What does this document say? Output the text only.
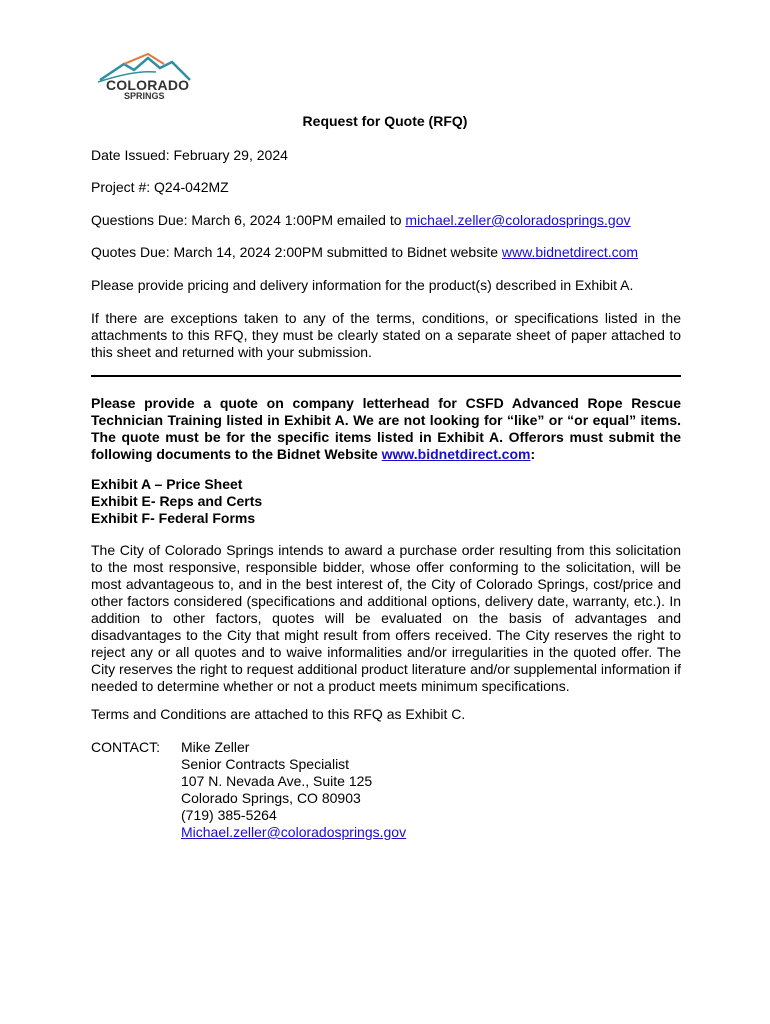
COLORADO
SPRINGS
Request for Quote (RFQ)
Date Issued: February 29, 2024
Project #: Q24-042MZ
Questions Due: March 6, 2024 1:00PM emailed to michael.zeller@coloradosprings.gov
Quotes Due: March 14, 2024 2:00PM submitted to Bidnet website www.bidnetdirect.com
Please provide pricing and delivery information for the product(s) described in Exhibit A.
If there are exceptions taken to any of the terms, conditions, or specifications listed in the attachments to this RFQ, they must be clearly stated on a separate sheet of paper attached to this sheet and returned with your submission.
Please provide a quote on company letterhead for CSFD Advanced Rope Rescue Technician Training listed in Exhibit A. We are not looking for “like” or “or equal” items. The quote must be for the specific items listed in Exhibit A. Offerors must submit the following documents to the Bidnet Website www.bidnetdirect.com:
Exhibit A – Price Sheet
Exhibit E- Reps and Certs
Exhibit F- Federal Forms
The City of Colorado Springs intends to award a purchase order resulting from this solicitation to the most responsive, responsible bidder, whose offer conforming to the solicitation, will be most advantageous to, and in the best interest of, the City of Colorado Springs, cost/price and other factors considered (specifications and additional options, delivery date, warranty, etc.). In addition to other factors, quotes will be evaluated on the basis of advantages and disadvantages to the City that might result from offers received. The City reserves the right to reject any or all quotes and to waive informalities and/or irregularities in the quoted offer. The City reserves the right to request additional product literature and/or supplemental information if needed to determine whether or not a product meets minimum specifications.
Terms and Conditions are attached to this RFQ as Exhibit C.
CONTACT: Mike Zeller
Senior Contracts Specialist
107 N. Nevada Ave., Suite 125
Colorado Springs, CO 80903
(719) 385-5264
Michael.zeller@coloradosprings.gov
